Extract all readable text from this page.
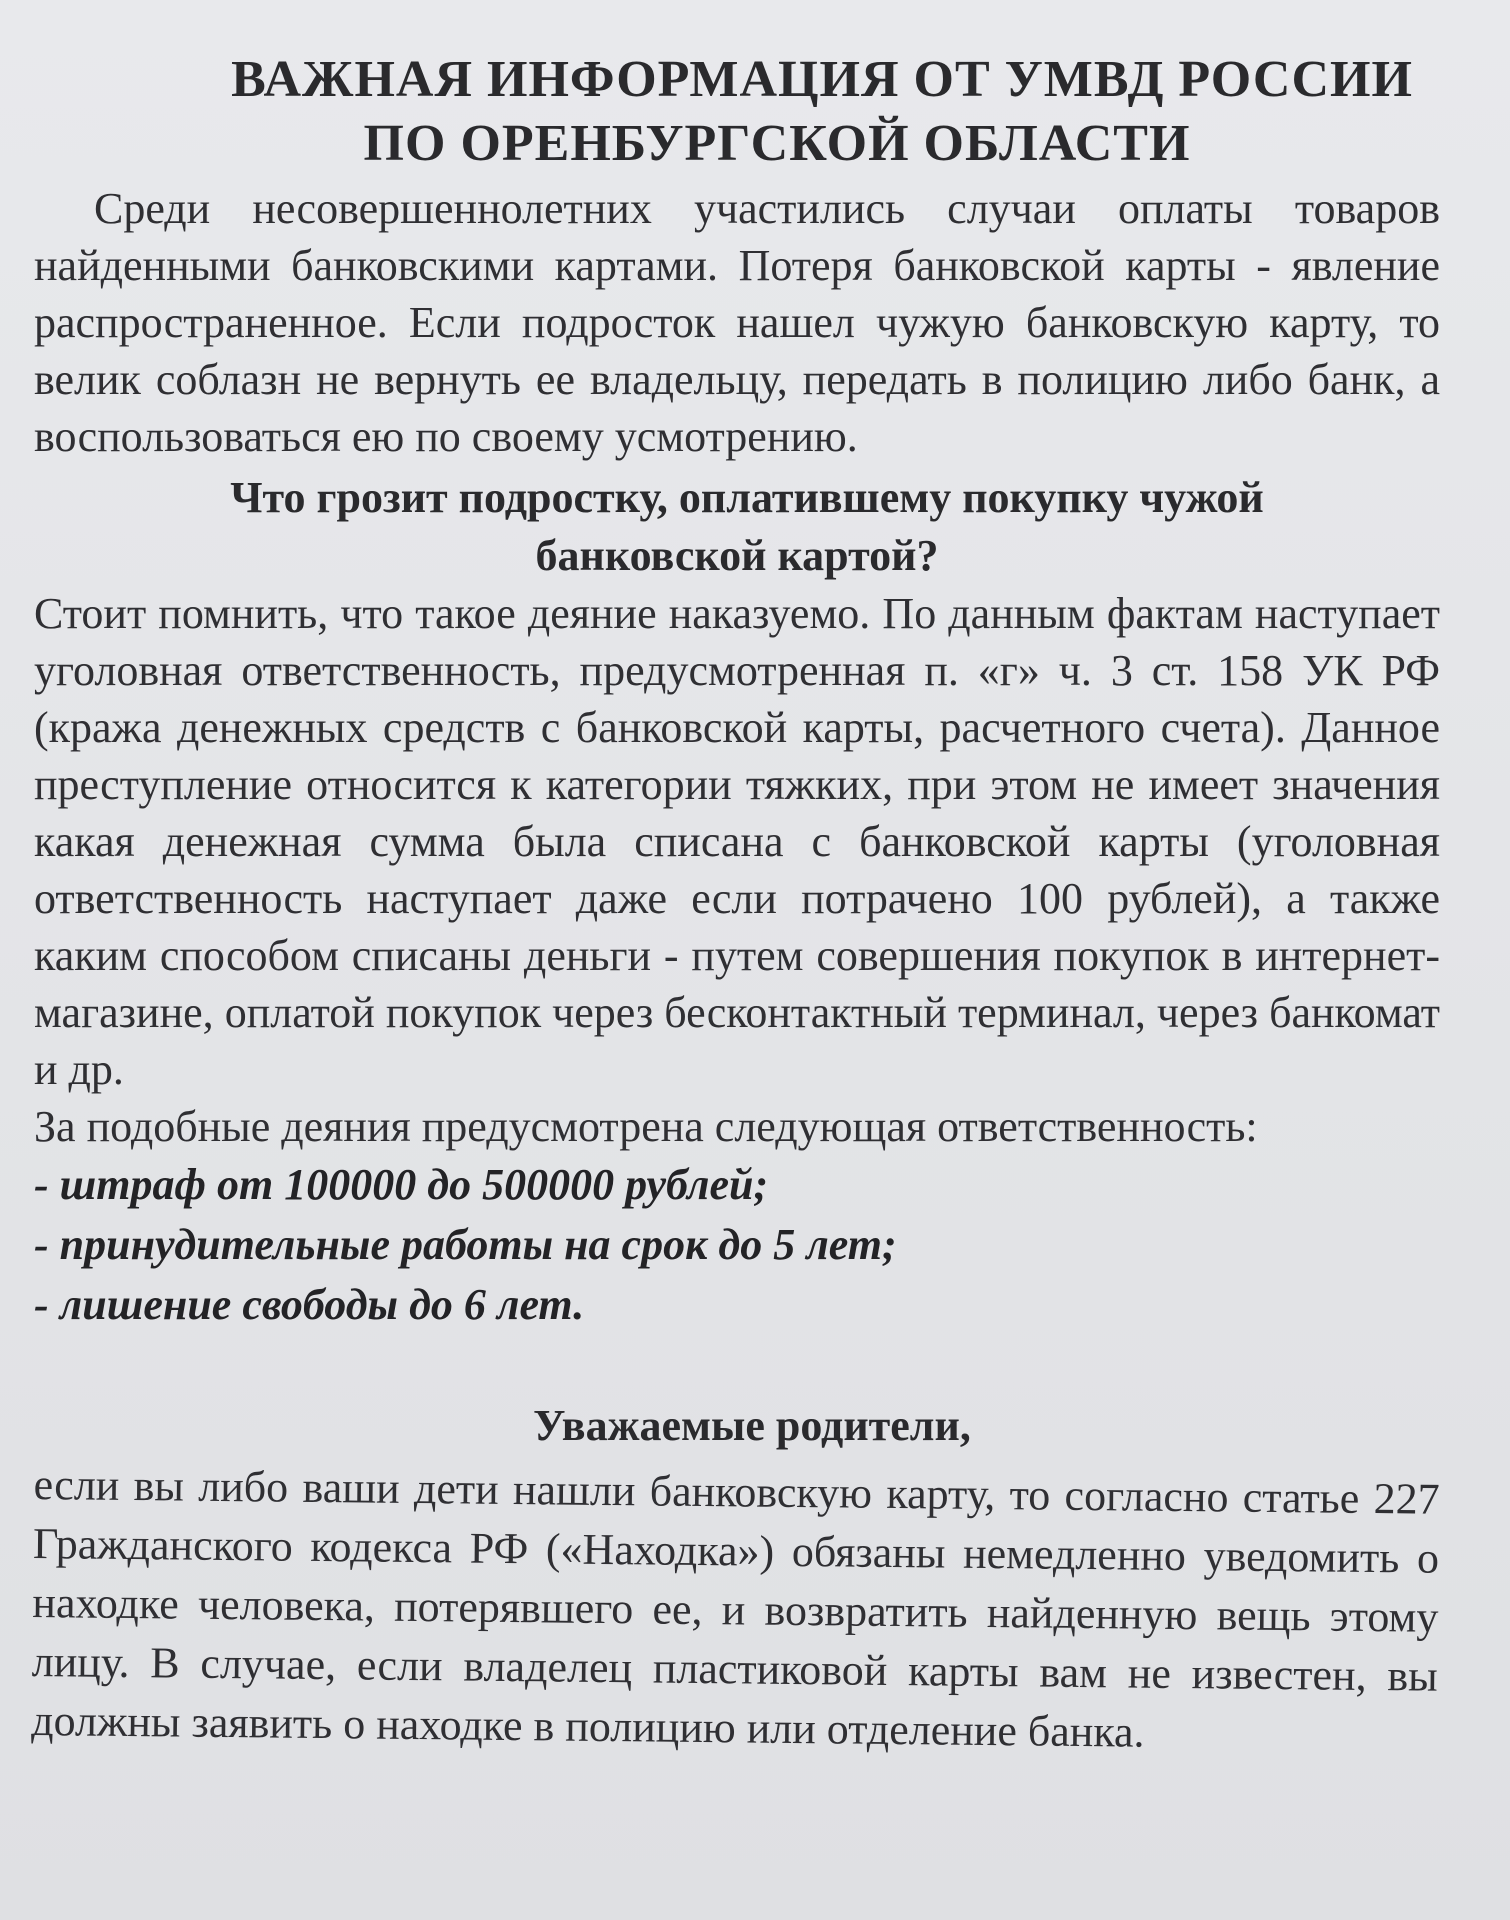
ВАЖНАЯ ИНФОРМАЦИЯ ОТ УМВД РОССИИ
ПО ОРЕНБУРГСКОЙ ОБЛАСТИ

Среди несовершеннолетних участились случаи оплаты товаров найденными банковскими картами. Потеря банковской карты - явление распространенное. Если подросток нашел чужую банковскую карту, то велик соблазн не вернуть ее владельцу, передать в полицию либо банк, а воспользоваться ею по своему усмотрению.

Что грозит подростку, оплатившему покупку чужой
банковской картой?

Стоит помнить, что такое деяние наказуемо. По данным фактам наступает уголовная ответственность, предусмотренная п. «г» ч. 3 ст. 158 УК РФ (кража денежных средств с банковской карты, расчетного счета). Данное преступление относится к категории тяжких, при этом не имеет значения какая денежная сумма была списана с банковской карты (уголовная ответственность наступает даже если потрачено 100 рублей), а также каким способом списаны деньги - путем совершения покупок в интернет-магазине, оплатой покупок через бесконтактный терминал, через банкомат и др.

За подобные деяния предусмотрена следующая ответственность:

- штраф от 100000 до 500000 рублей;
- принудительные работы на срок до 5 лет;
- лишение свободы до 6 лет.
Уважаемые родители,

если вы либо ваши дети нашли банковскую карту, то согласно статье 227 Гражданского кодекса РФ («Находка») обязаны немедленно уведомить о находке человека, потерявшего ее, и возвратить найденную вещь этому лицу. В случае, если владелец пластиковой карты вам не известен, вы должны заявить о находке в полицию или отделение банка.
